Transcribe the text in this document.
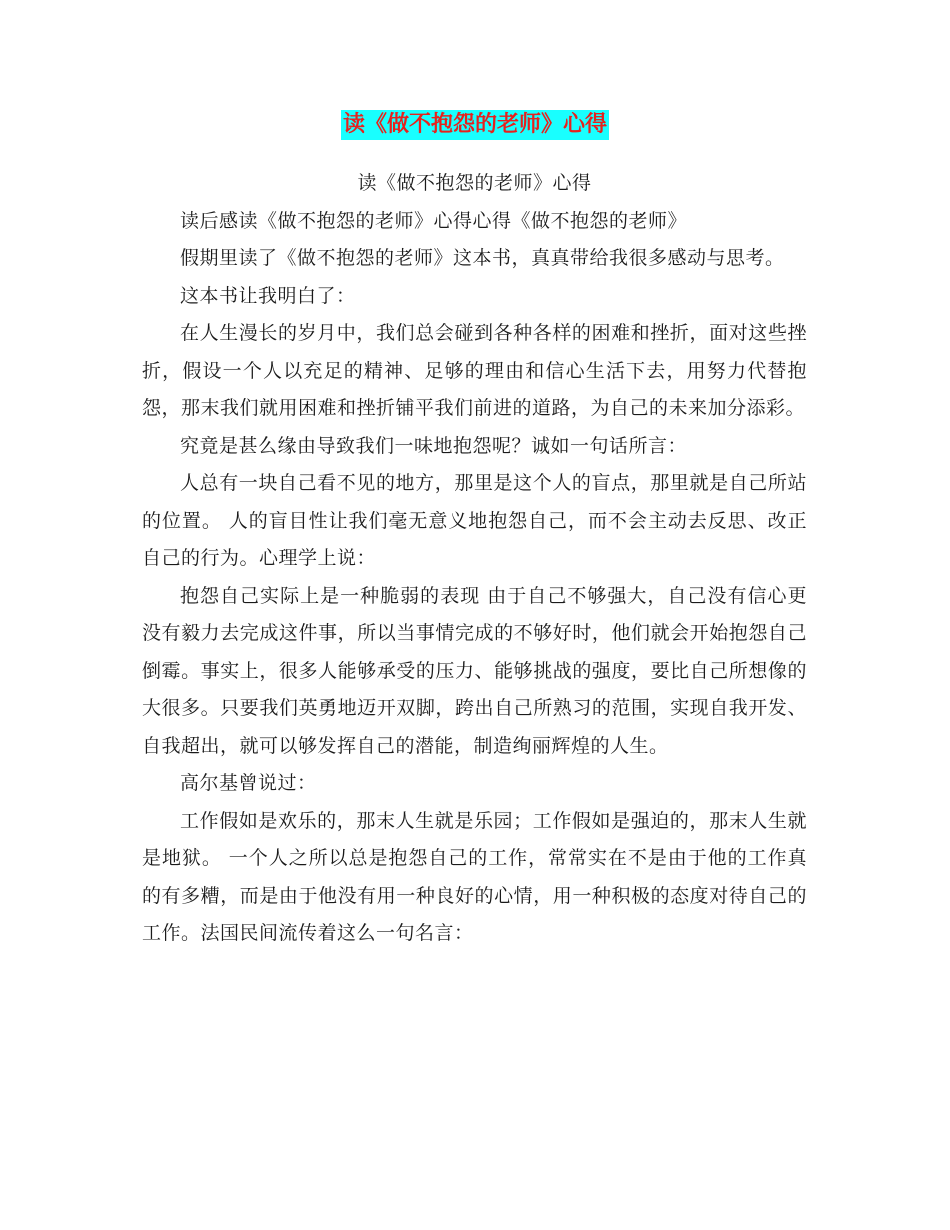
读《做不抱怨的老师》心得

读《做不抱怨的老师》心得

读后感读《做不抱怨的老师》心得心得《做不抱怨的老师》

假期里读了《做不抱怨的老师》这本书，真真带给我很多感动与思考。

这本书让我明白了：

在人生漫长的岁月中，我们总会碰到各种各样的困难和挫折，面对这些挫折，假设一个人以充足的精神、足够的理由和信心生活下去，用努力代替抱怨，那末我们就用困难和挫折铺平我们前进的道路，为自己的未来加分添彩。

究竟是甚么缘由导致我们一味地抱怨呢？诚如一句话所言：

人总有一块自己看不见的地方，那里是这个人的盲点，那里就是自己所站的位置。 人的盲目性让我们毫无意义地抱怨自己，而不会主动去反思、改正自己的行为。心理学上说：

抱怨自己实际上是一种脆弱的表现 由于自己不够强大，自己没有信心更没有毅力去完成这件事，所以当事情完成的不够好时，他们就会开始抱怨自己倒霉。事实上，很多人能够承受的压力、能够挑战的强度，要比自己所想像的大很多。只要我们英勇地迈开双脚，跨出自己所熟习的范围，实现自我开发、自我超出，就可以够发挥自己的潜能，制造绚丽辉煌的人生。

高尔基曾说过：

工作假如是欢乐的，那末人生就是乐园；工作假如是强迫的，那末人生就是地狱。 一个人之所以总是抱怨自己的工作，常常实在不是由于他的工作真的有多糟，而是由于他没有用一种良好的心情，用一种积极的态度对待自己的工作。法国民间流传着这么一句名言：
